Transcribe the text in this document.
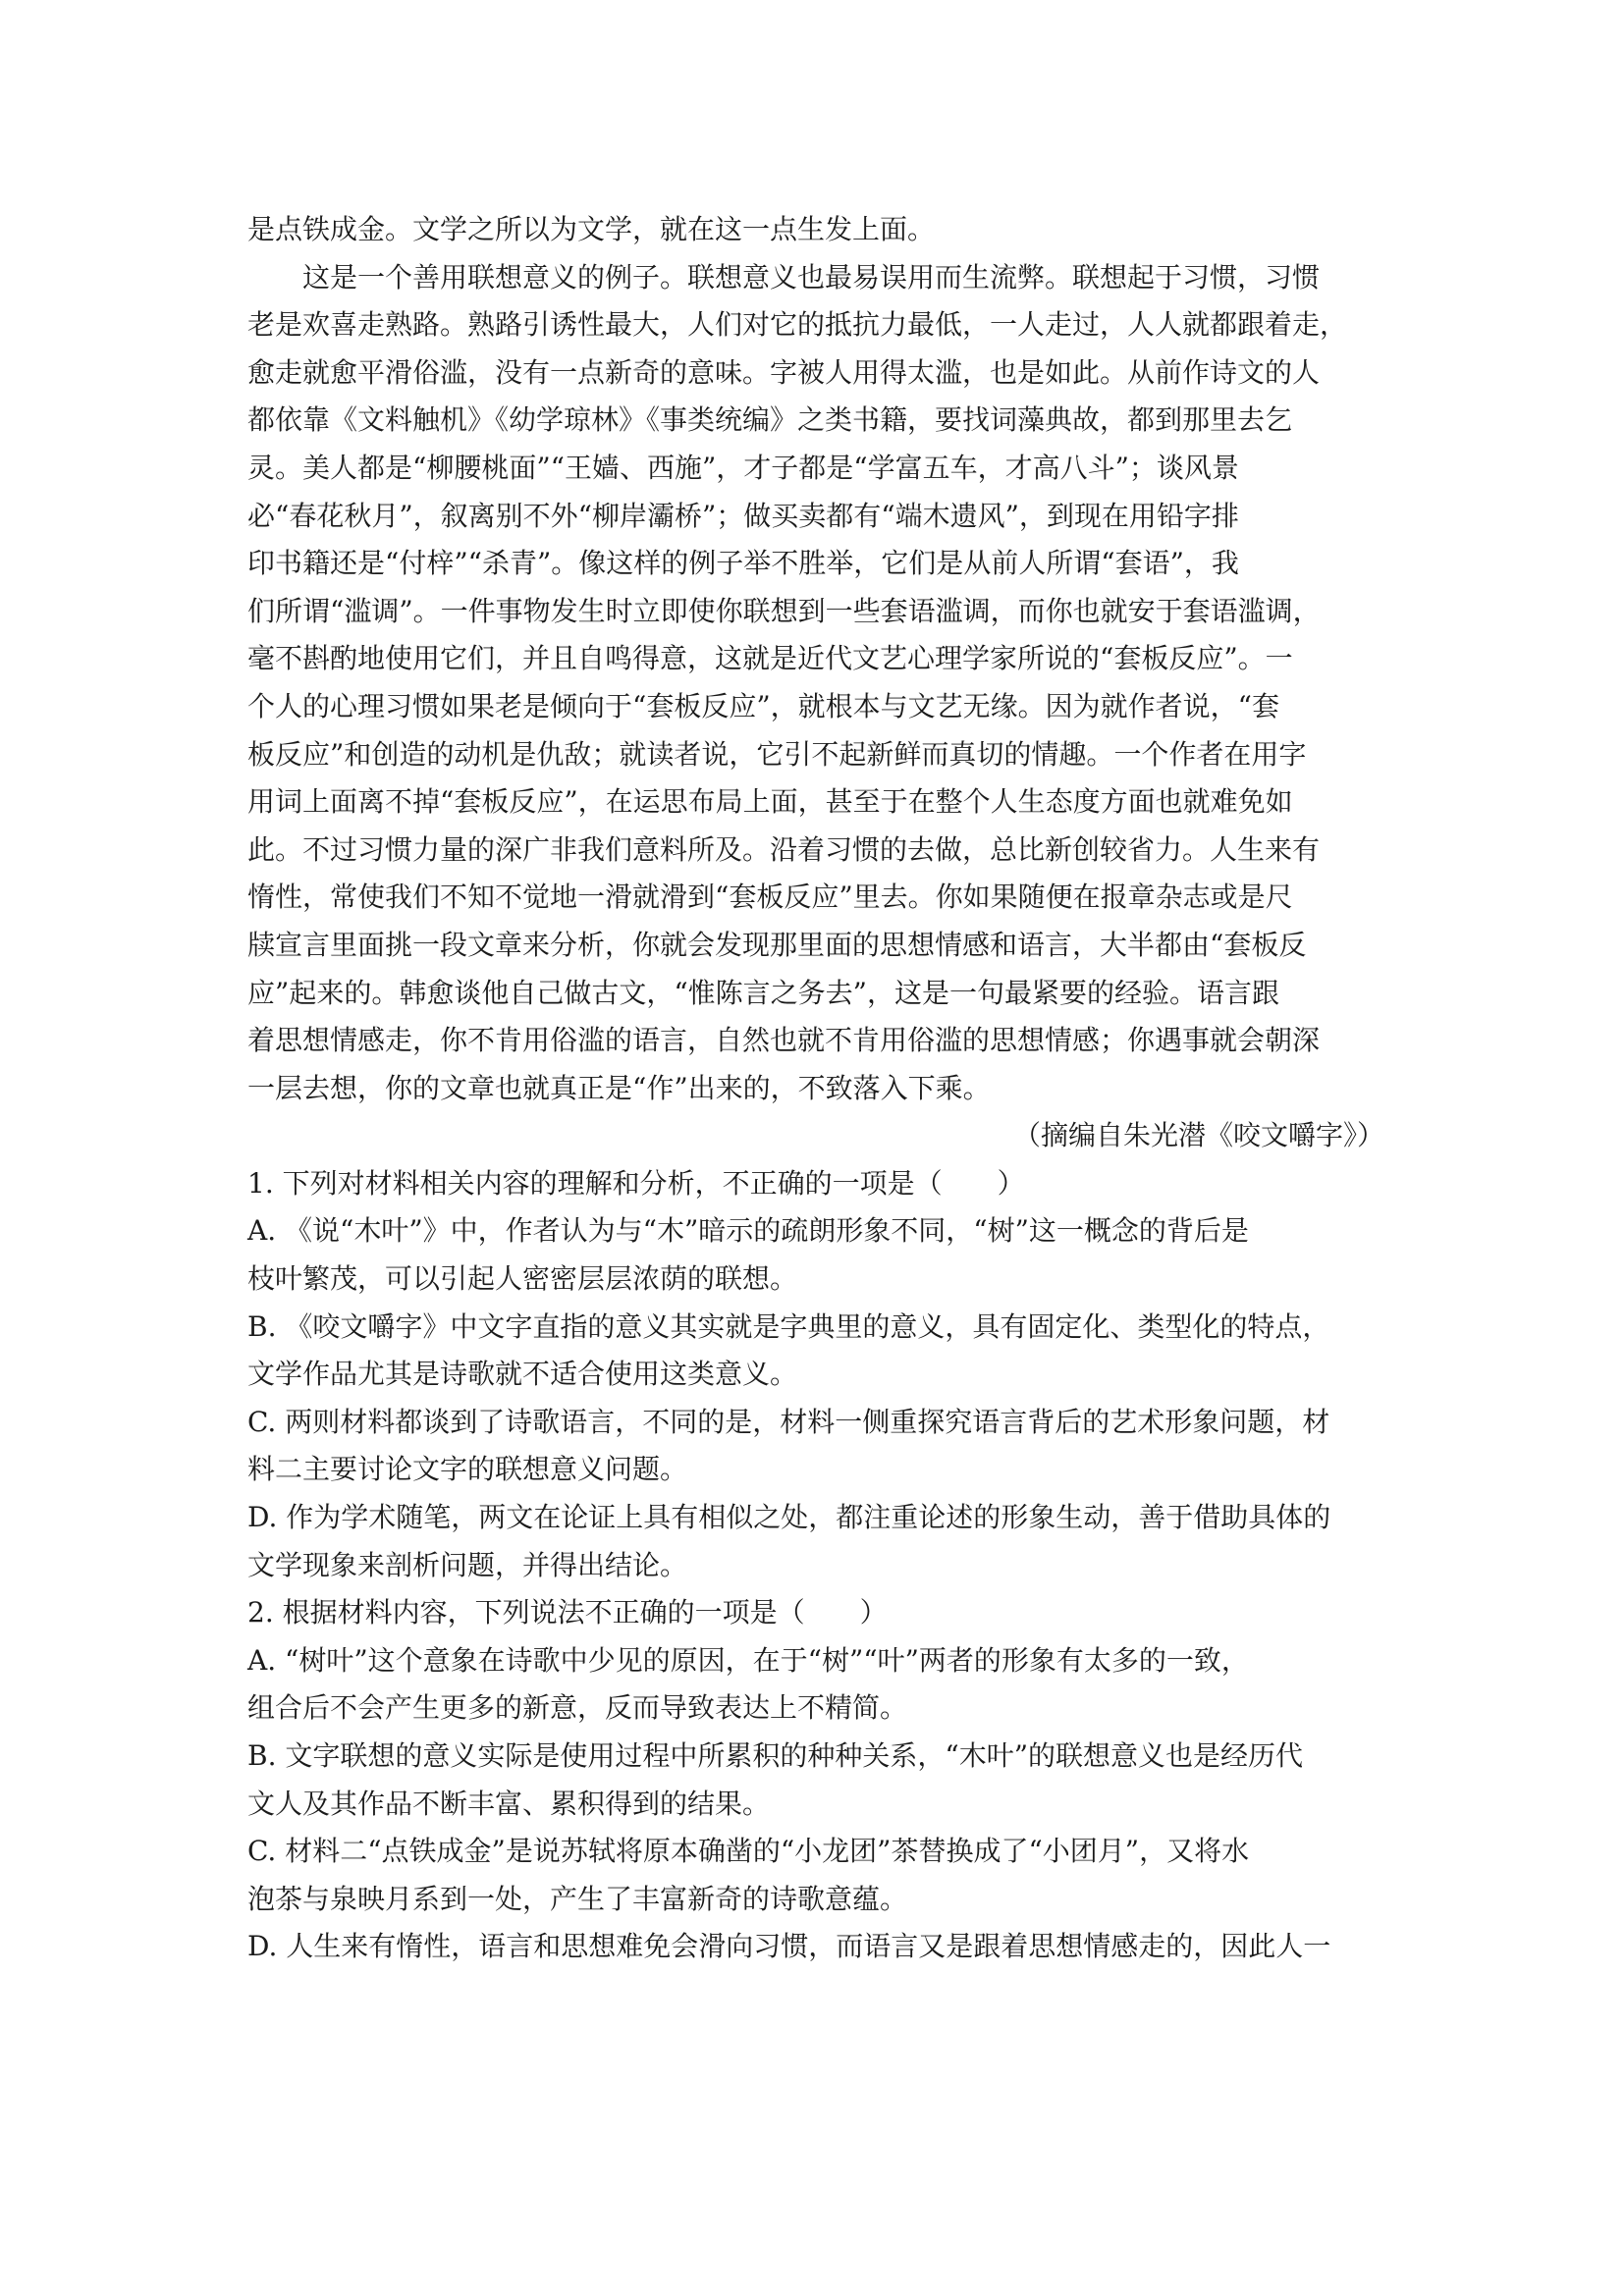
是点铁成金。文学之所以为文学，就在这一点生发上面。
这是一个善用联想意义的例子。联想意义也最易误用而生流弊。联想起于习惯，习惯
老是欢喜走熟路。熟路引诱性最大，人们对它的抵抗力最低，一人走过，人人就都跟着走，
愈走就愈平滑俗滥，没有一点新奇的意味。字被人用得太滥，也是如此。从前作诗文的人
都依靠《文料触机》《幼学琼林》《事类统编》之类书籍，要找词藻典故，都到那里去乞
灵。美人都是“柳腰桃面”“王嫱、西施”，才子都是“学富五车，才高八斗”；谈风景
必“春花秋月”，叙离别不外“柳岸灞桥”；做买卖都有“端木遗风”，到现在用铅字排
印书籍还是“付梓”“杀青”。像这样的例子举不胜举，它们是从前人所谓“套语”，我
们所谓“滥调”。一件事物发生时立即使你联想到一些套语滥调，而你也就安于套语滥调，
毫不斟酌地使用它们，并且自鸣得意，这就是近代文艺心理学家所说的“套板反应”。一
个人的心理习惯如果老是倾向于“套板反应”，就根本与文艺无缘。因为就作者说，“套
板反应”和创造的动机是仇敌；就读者说，它引不起新鲜而真切的情趣。一个作者在用字
用词上面离不掉“套板反应”，在运思布局上面，甚至于在整个人生态度方面也就难免如
此。不过习惯力量的深广非我们意料所及。沿着习惯的去做，总比新创较省力。人生来有
惰性，常使我们不知不觉地一滑就滑到“套板反应”里去。你如果随便在报章杂志或是尺
牍宣言里面挑一段文章来分析，你就会发现那里面的思想情感和语言，大半都由“套板反
应”起来的。韩愈谈他自己做古文，“惟陈言之务去”，这是一句最紧要的经验。语言跟
着思想情感走，你不肯用俗滥的语言，自然也就不肯用俗滥的思想情感；你遇事就会朝深
一层去想，你的文章也就真正是“作”出来的，不致落入下乘。
（摘编自朱光潜《咬文嚼字》）
1. 下列对材料相关内容的理解和分析，不正确的一项是（　　）
A. 《说“木叶”》中，作者认为与“木”暗示的疏朗形象不同，“树”这一概念的背后是
枝叶繁茂，可以引起人密密层层浓荫的联想。
B. 《咬文嚼字》中文字直指的意义其实就是字典里的意义，具有固定化、类型化的特点，
文学作品尤其是诗歌就不适合使用这类意义。
C. 两则材料都谈到了诗歌语言，不同的是，材料一侧重探究语言背后的艺术形象问题，材
料二主要讨论文字的联想意义问题。
D. 作为学术随笔，两文在论证上具有相似之处，都注重论述的形象生动，善于借助具体的
文学现象来剖析问题，并得出结论。
2. 根据材料内容，下列说法不正确的一项是（　　）
A. “树叶”这个意象在诗歌中少见的原因，在于“树”“叶”两者的形象有太多的一致，
组合后不会产生更多的新意，反而导致表达上不精简。
B. 文字联想的意义实际是使用过程中所累积的种种关系，“木叶”的联想意义也是经历代
文人及其作品不断丰富、累积得到的结果。
C. 材料二“点铁成金”是说苏轼将原本确凿的“小龙团”茶替换成了“小团月”，又将水
泡茶与泉映月系到一处，产生了丰富新奇的诗歌意蕴。
D. 人生来有惰性，语言和思想难免会滑向习惯，而语言又是跟着思想情感走的，因此人一
